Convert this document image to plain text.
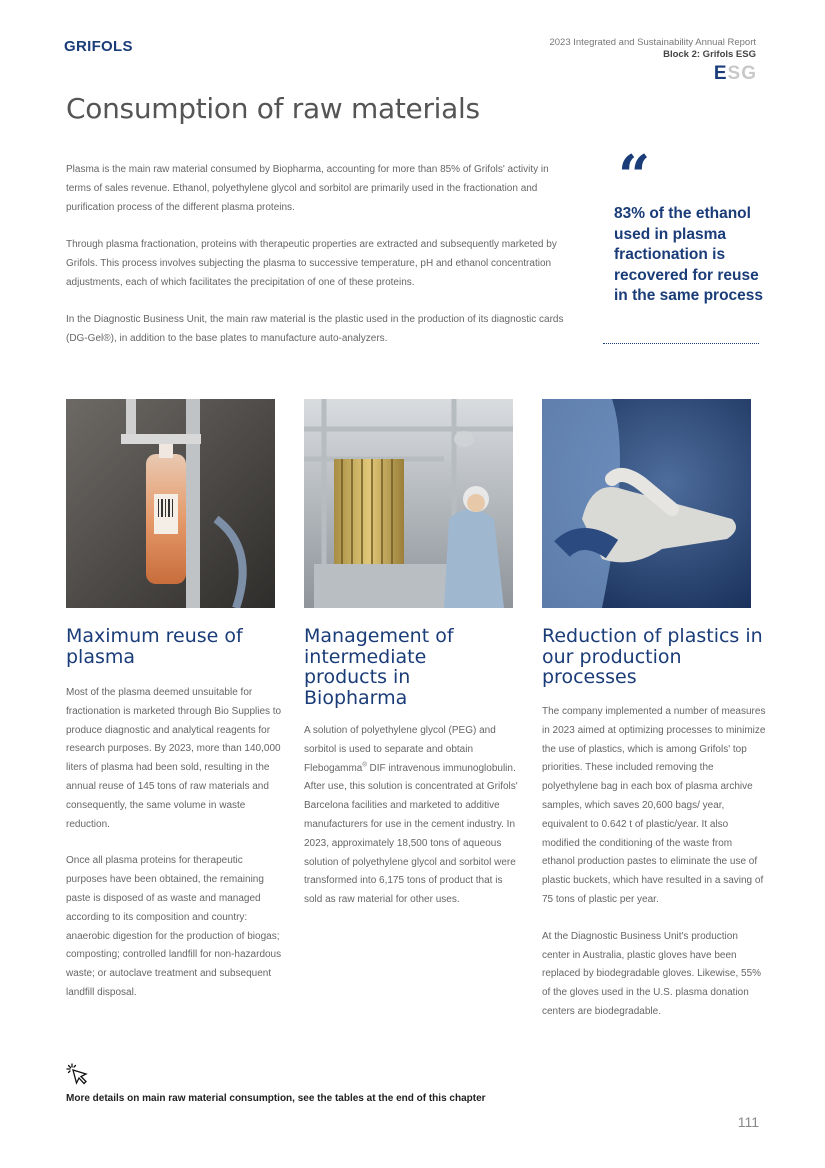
GRIFOLS	2023 Integrated and Sustainability Annual Report
Block 2: Grifols ESG
ESG
Consumption of raw materials

Plasma is the main raw material consumed by Biopharma, accounting for more than 85% of Grifols' activity in terms of sales revenue. Ethanol, polyethylene glycol and sorbitol are primarily used in the fractionation and purification process of the different plasma proteins.

Through plasma fractionation, proteins with therapeutic properties are extracted and subsequently marketed by Grifols. This process involves subjecting the plasma to successive temperature, pH and ethanol concentration adjustments, each of which facilitates the precipitation of one of these proteins.

In the Diagnostic Business Unit, the main raw material is the plastic used in the production of its diagnostic cards (DG-Gel®), in addition to the base plates to manufacture auto-analyzers.

“
83% of the ethanol used in plasma fractionation is recovered for reuse in the same process
Maximum reuse of plasma

Most of the plasma deemed unsuitable for fractionation is marketed through Bio Supplies to produce diagnostic and analytical reagents for research purposes. By 2023, more than 140,000 liters of plasma had been sold, resulting in the annual reuse of 145 tons of raw materials and consequently, the same volume in waste reduction.

Once all plasma proteins for therapeutic purposes have been obtained, the remaining paste is disposed of as waste and managed according to its composition and country: anaerobic digestion for the production of biogas; composting; controlled landfill for non-hazardous waste; or autoclave treatment and subsequent landfill disposal.

Management of intermediate products in Biopharma

A solution of polyethylene glycol (PEG) and sorbitol is used to separate and obtain Flebogamma® DIF intravenous immunoglobulin. After use, this solution is concentrated at Grifols' Barcelona facilities and marketed to additive manufacturers for use in the cement industry. In 2023, approximately 18,500 tons of aqueous solution of polyethylene glycol and sorbitol were transformed into 6,175 tons of product that is sold as raw material for other uses.

Reduction of plastics in our production processes

The company implemented a number of measures in 2023 aimed at optimizing processes to minimize the use of plastics, which is among Grifols' top priorities. These included removing the polyethylene bag in each box of plasma archive samples, which saves 20,600 bags/ year, equivalent to 0.642 t of plastic/year. It also modified the conditioning of the waste from ethanol production pastes to eliminate the use of plastic buckets, which have resulted in a saving of 75 tons of plastic per year.

At the Diagnostic Business Unit's production center in Australia, plastic gloves have been replaced by biodegradable gloves. Likewise, 55% of the gloves used in the U.S. plasma donation centers are biodegradable.

More details on main raw material consumption, see the tables at the end of this chapter
111
